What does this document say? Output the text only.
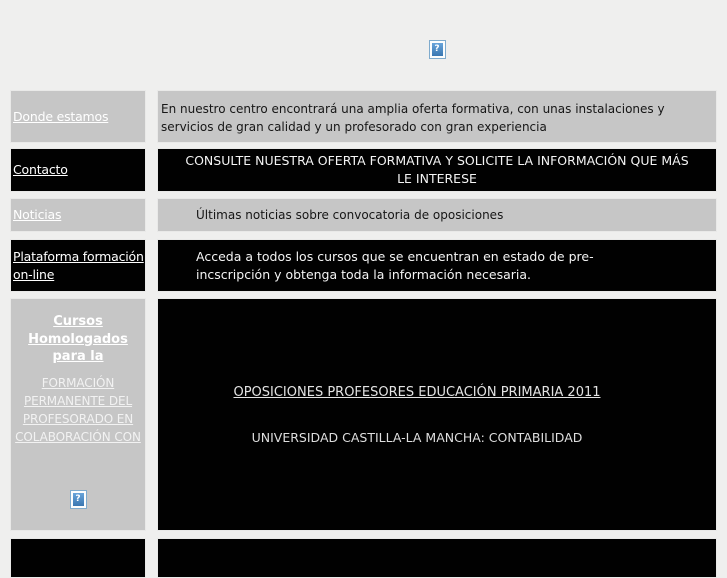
?
Donde estamos	En nuestro centro encontrará una amplia oferta formativa, con unas instalaciones y servicios de gran calidad y un profesorado con gran experiencia

Contacto

CONSULTE NUESTRA OFERTA FORMATIVA Y SOLICITE LA INFORMACIÓN QUE MÁS LE INTERESE

Noticias	Últimas noticias sobre convocatoria de oposiciones

Plataforma formación on-line

Acceda a todos los cursos que se encuentran en estado de pre-incscripción y obtenga toda la información necesaria.

Cursos Homologados para la
FORMACIÓN PERMANENTE DEL PROFESORADO EN COLABORACIÓN CON
?
OPOSICIONES PROFESORES EDUCACIÓN PRIMARIA 2011
UNIVERSIDAD CASTILLA-LA MANCHA: CONTABILIDAD
